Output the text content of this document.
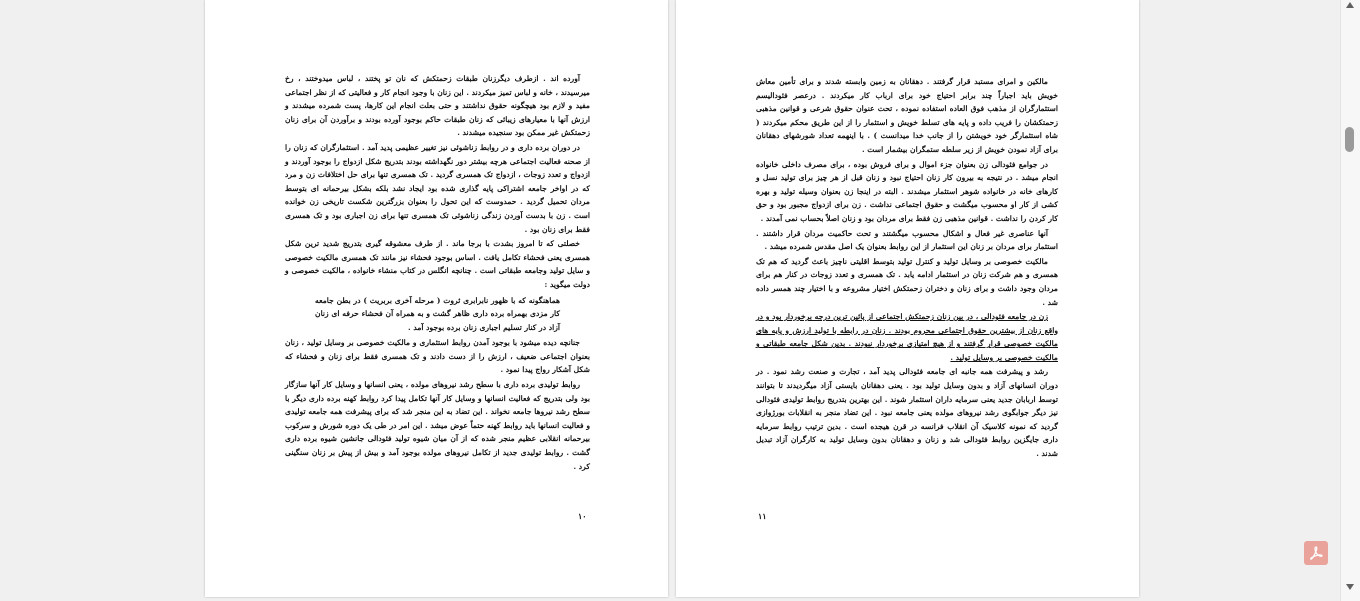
آورده اند . ازطرف دیگرزنان طبقات زحمتکش که نان تو پختند ، لباس میدوختند ، رخ میرسیدند ، خانه و لباس تمیز میکردند . این زنان با وجود انجام کار و فعالیتی که از نظر اجتماعی مفید و لازم بود هیچگونه حقوق نداشتند و حتی بعلت انجام این کارها، پست شمرده میشدند و ارزش آنها با معیارهای زیبائی که زنان طبقات حاکم بوجود آورده بودند و برآوردن آن برای زنان زحمتکش غیر ممکن بود سنجیده میشدند .

در دوران برده داری و در روابط زناشوئی نیز تغییر عظیمی پدید آمد . استثمارگران که زنان را از صحنه فعالیت اجتماعی هرچه بیشتر دور نگهداشته بودند بتدریج شکل ازدواج را بوجود آوردند و ازدواج و تعدد زوجات ، ازدواج تک همسری گردید . تک همسری تنها برای حل اختلافات زن و مرد که در اواخر جامعه اشتراکی پایه گذاری شده بود ایجاد نشد بلکه بشکل بیرحمانه ای بتوسط مردان تحمیل گردید . حمدوست که این تحول را بعنوان بزرگترین شکست تاریخی زن خوانده است . زن با بدست آوردن زندگی زناشوئی تک همسری تنها برای زن اجباری بود و تک همسری فقط برای زنان بود .

خصلتی که تا امروز بشدت با برجا ماند . از طرف معشوقه گیری بتدریج شدید ترین شکل همسری یعنی فحشاء تکامل یافت . اساس بوجود فحشاء نیز مانند تک همسری مالکیت خصوصی و سایل تولید وجامعه طبقاتی است . چنانچه انگلس در کتاب منشاء خانواده ، مالکیت خصوصی و دولت میگوید :

هماهنگونه که با ظهور نابرابری ثروت ( مرحله آخری بربریت ) در بطن جامعه کار مزدی بهمراه برده داری ظاهر گشت و به همراه آن فحشاء حرفه ای زنان آزاد در کنار تسلیم اجباری زنان برده بوجود آمد .

جنانچه دیده میشود با بوجود آمدن روابط استثماری و مالکیت خصوصی بر وسایل تولید ، زنان بعنوان اجتماعی ضعیف ، ارزش را از دست دادند و تک همسری فقط برای زنان و فحشاء که شکل آشکار رواج پیدا نمود .

روابط تولیدی برده داری با سطح رشد نیروهای مولده ، یعنی انسانها و وسایل کار آنها سازگار بود ولی بتدریج که فعالیت انسانها و وسایل کار آنها تکامل پیدا کرد روابط کهنه برده داری دیگر با سطح رشد نیروها جامعه نخواند . این تضاد به این منجر شد که برای پیشرفت همه جامعه تولیدی و فعالیت انسانها باید روابط کهنه حتماً عوض میشد . این امر در طی یک دوره شورش و سرکوب بیرحمانه انقلابی عظیم منجر شده که از آن میان شیوه تولید فئودالی جانشین شیوه برده داری گشت . روابط تولیدی جدید از تکامل نیروهای مولده بوجود آمد و بیش از پیش بر زنان سنگینی کرد .

۱۰

مالکین و امرای مستبد قرار گرفتند . دهقانان به زمین وابسته شدند و برای تأمین معاش خویش باید اجباراً چند برابر احتیاج خود برای ارباب کار میکردند . درعصر فئودالیسم استثمارگران از مذهب فوق العاده استفاده نموده ، تحت عنوان حقوق شرعی و قوانین مذهبی زحمتکشان را فریب داده و پایه های تسلط خویش و استثمار را از این طریق محکم میکردند ( شاه استثمارگر خود خویشتن را از جانب خدا میدانست ) . با اینهمه تعداد شورشهای دهقانان برای آزاد نمودن خویش از زیر سلطه ستمگران بیشمار است .

در جوامع فئودالی زن بعنوان جزء اموال و برای فروش بوده ، برای مصرف داخلی خانواده انجام میشد . در نتیجه به بیرون کار زنان احتیاج نبود و زنان قبل از هر چیز برای تولید نسل و کارهای خانه در خانواده شوهر استثمار میشدند . البته در اینجا زن بعنوان وسیله تولید و بهره کشی از کار او محسوب میگشت و حقوق اجتماعی نداشت . زن برای ازدواج مجبور بود و حق کار کردن را نداشت . قوانین مذهبی زن فقط برای مردان بود و زنان اصلاً بحساب نمی آمدند .

آنها عناصری غیر فعال و اشکال محسوب میگشتند و تحت حاکمیت مردان قرار داشتند . استثمار برای مردان بر زنان این استثمار از این روابط بعنوان یک اصل مقدس شمرده میشد .

مالکیت خصوصی بر وسایل تولید و کنترل تولید بتوسط اقلیتی ناچیز باعث گردید که هم تک همسری و هم شرکت زنان در استثمار ادامه یابد . تک همسری و تعدد زوجات در کنار هم برای مردان وجود داشت و برای زنان و دختران زحمتکش اختیار مشروعه و با اختیار چند همسر داده شد .

زن در جامعه فئودالی ، در بین زنان زحمتکش اجتماعی از پائین ترین درجه برخوردار بود و در واقع زنان از بیشترین حقوق اجتماعی محروم بودند . زنان در رابطه با تولید ارزش و پایه های مالکیت خصوصی قرار گرفتند و از هیچ امتیازی برخوردار نبودند . بدین شکل جامعه طبقاتی و مالکیت خصوصی بر وسایل تولید .

رشد و پیشرفت همه جانبه ای جامعه فئودالی پدید آمد ، تجارت و صنعت رشد نمود . در دوران انسانهای آزاد و بدون وسایل تولید بود . یعنی دهقانان بایستی آزاد میگردیدند تا بتوانند توسط اربابان جدید یعنی سرمایه داران استثمار شوند . این بهترین بتدریج روابط تولیدی فئودالی نیز دیگر جوابگوی رشد نیروهای مولده یعنی جامعه نبود . این تضاد منجر به انقلابات بورژوازی گردید که نمونه کلاسیک آن انقلاب فرانسه در قرن هیجده است . بدین ترتیب روابط سرمایه داری جایگزین روابط فئودالی شد و زنان و دهقانان بدون وسایل تولید به کارگران آزاد تبدیل شدند .

۱۱
